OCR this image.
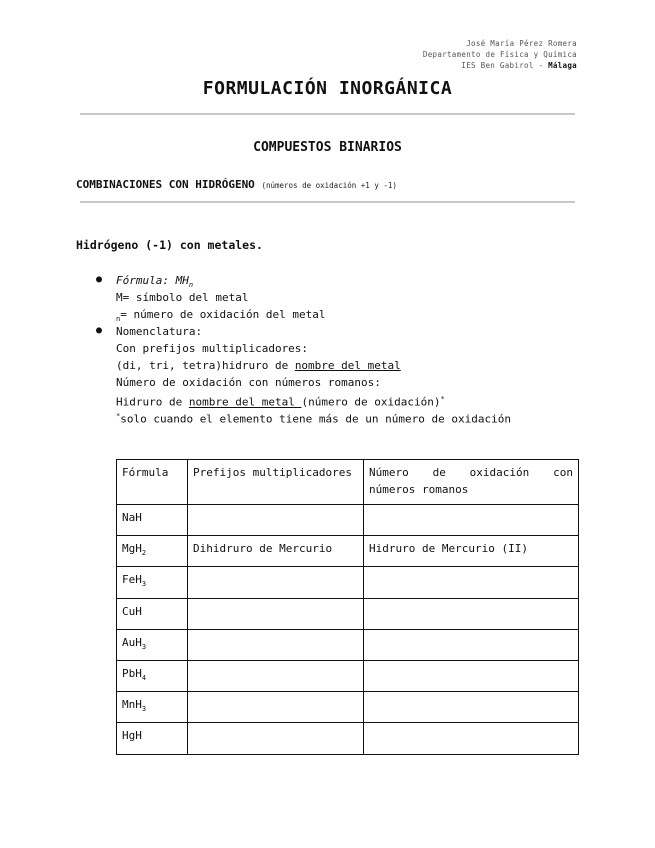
José María Pérez Romera
Departamento de Física y Química
IES Ben Gabirol - Málaga
FORMULACIÓN INORGÁNICA
COMPUESTOS BINARIOS
COMBINACIONES CON HIDRÓGENO (números de oxidación +1 y -1)
Hidrógeno (-1) con metales.
● Fórmula: $MH_n$
M= símbolo del metal
$_n$= número de oxidación del metal
● Nomenclatura:
Con prefijos multiplicadores:
(di, tri, tetra)hidruro de nombre del metal
Número de oxidación con números romanos:
Hidruro de nombre del metal (número de oxidación)*
*solo cuando el elemento tiene más de un número de oxidación
Fórmula	Prefijos multiplicadores	Número de oxidación con números romanos
NaH		
MgH$_2$	Dihidruro de Mercurio	Hidruro de Mercurio (II)
FeH$_3$		
CuH		
AuH$_3$		
PbH$_4$		
MnH$_3$		
HgH		
